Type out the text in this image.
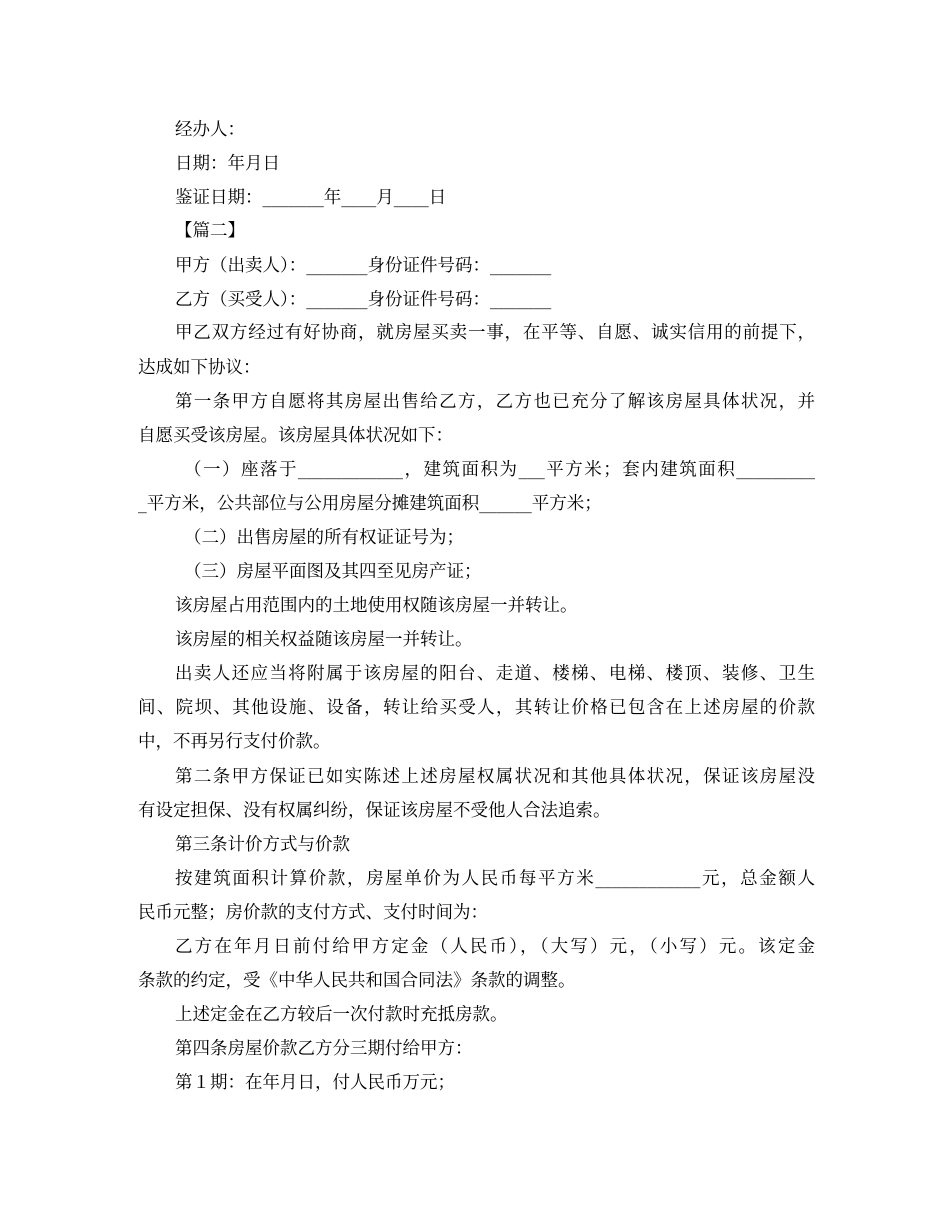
经办人：
日期：年月日
鉴证日期：_______年____月____日
【篇二】
甲方（出卖人）：_______身份证件号码：_______
乙方（买受人）：_______身份证件号码：_______
甲乙双方经过有好协商，就房屋买卖一事，在平等、自愿、诚实信用的前提下，
达成如下协议：
第一条甲方自愿将其房屋出售给乙方，乙方也已充分了解该房屋具体状况，并
自愿买受该房屋。该房屋具体状况如下：
（一）座落于____________，建筑面积为___平方米；套内建筑面积_________
_平方米，公共部位与公用房屋分摊建筑面积______平方米；
（二）出售房屋的所有权证证号为；
（三）房屋平面图及其四至见房产证；
该房屋占用范围内的土地使用权随该房屋一并转让。
该房屋的相关权益随该房屋一并转让。
出卖人还应当将附属于该房屋的阳台、走道、楼梯、电梯、楼顶、装修、卫生
间、院坝、其他设施、设备，转让给买受人，其转让价格已包含在上述房屋的价款
中，不再另行支付价款。
第二条甲方保证已如实陈述上述房屋权属状况和其他具体状况，保证该房屋没
有设定担保、没有权属纠纷，保证该房屋不受他人合法追索。
第三条计价方式与价款
按建筑面积计算价款，房屋单价为人民币每平方米____________元，总金额人
民币元整；房价款的支付方式、支付时间为：
乙方在年月日前付给甲方定金（人民币），（大写）元，（小写）元。该定金
条款的约定，受《中华人民共和国合同法》条款的调整。
上述定金在乙方较后一次付款时充抵房款。
第四条房屋价款乙方分三期付给甲方：
第１期：在年月日，付人民币万元；
